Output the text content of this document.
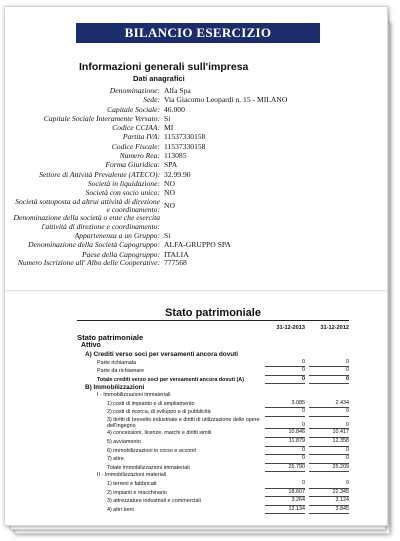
BILANCIO ESERCIZIO
Informazioni generali sull'impresa
Dati anagrafici
Denominazione: Alfa Spa
Sede: Via Giacomo Leopardi n. 15 - MILANO
Capitale Sociale: 46.000
Capitale Sociale Interamente Versato: Si
Codice CCIAA: MI
Partita IVA: 11537330158
Codice Fiscale: 11537330158
Numero Rea: 113085
Forma Giuridica: SPA
Settore di Attività Prevalente (ATECO): 32.99.90
Società in liquidazione: NO
Società con socio unico: NO
Società sottoposta ad altrui attività di direzione e coordinamento: NO
Denominazione della società o ente che esercita l'attività di direzione e coordinamento:
Appartenenza a un Gruppo: Si
Denominazione della Società Capogruppo: ALFA-GRUPPO SPA
Paese della Capogruppo: ITALIA
Numero Iscrizione all' Albo delle Cooperative: 777568
Stato patrimoniale
31-12-2013	31-12-2012
Stato patrimoniale
Attivo
A) Crediti verso soci per versamenti ancora dovuti
Parte richiamata	0	0
Parte da richiamare	0	0
Totale crediti verso soci per versamenti ancora dovuti (A)	0	0
B) Immobilizzazioni
I - Immobilizzazioni immateriali
1) costi di impianto e di ampliamento	3.085	2.434
2) costi di ricerca, di sviluppo e di pubblicità	0	0
3) diritti di brevetto industriale e diritti di utilizzazione delle opere dell'ingegno	0	0
4) concessioni, licenze, marchi e diritti simili	10.846	10.417
5) avviamento	11.879	12.358
6) immobilizzazioni in corso e acconti	0	0
7) altre.	0	0
Totale immobilizzazioni immateriali	25.790	25.209
II - Immobilizzazioni materiali
1) terreni e fabbricati	0	0
2) impianti e macchinario	18.607	22.345
3) attrezzature industriali e commerciali	3.264	3.124
4) altri beni	12.134	3.845
